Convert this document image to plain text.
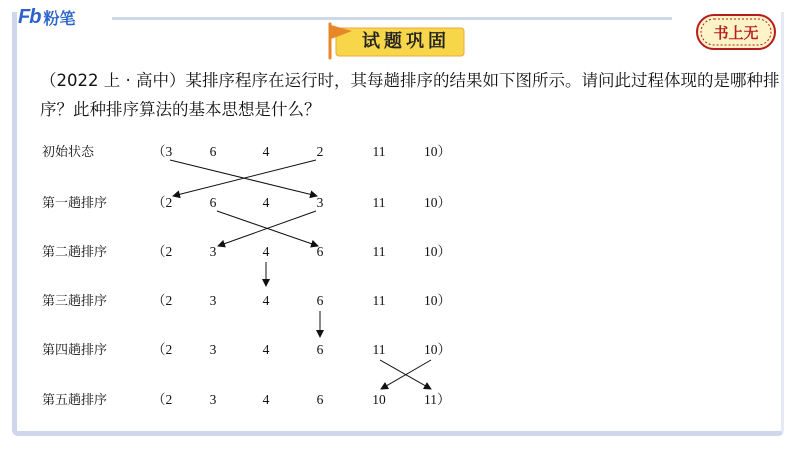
Fb 粉笔
试题巩固	书上无
（2022 上 · 高中）某排序程序在运行时，其每趟排序的结果如下图所示。请问此过程体现的是哪种排序？此种排序算法的基本思想是什么？
初始状态	（3	6	4	2	11	10）
第一趟排序	（2	6	4	3	11	10）
第二趟排序	（2	3	4	6	11	10）
第三趟排序	（2	3	4	6	11	10）
第四趟排序	（2	3	4	6	11	10）
第五趟排序	（2	3	4	6	10	11）
